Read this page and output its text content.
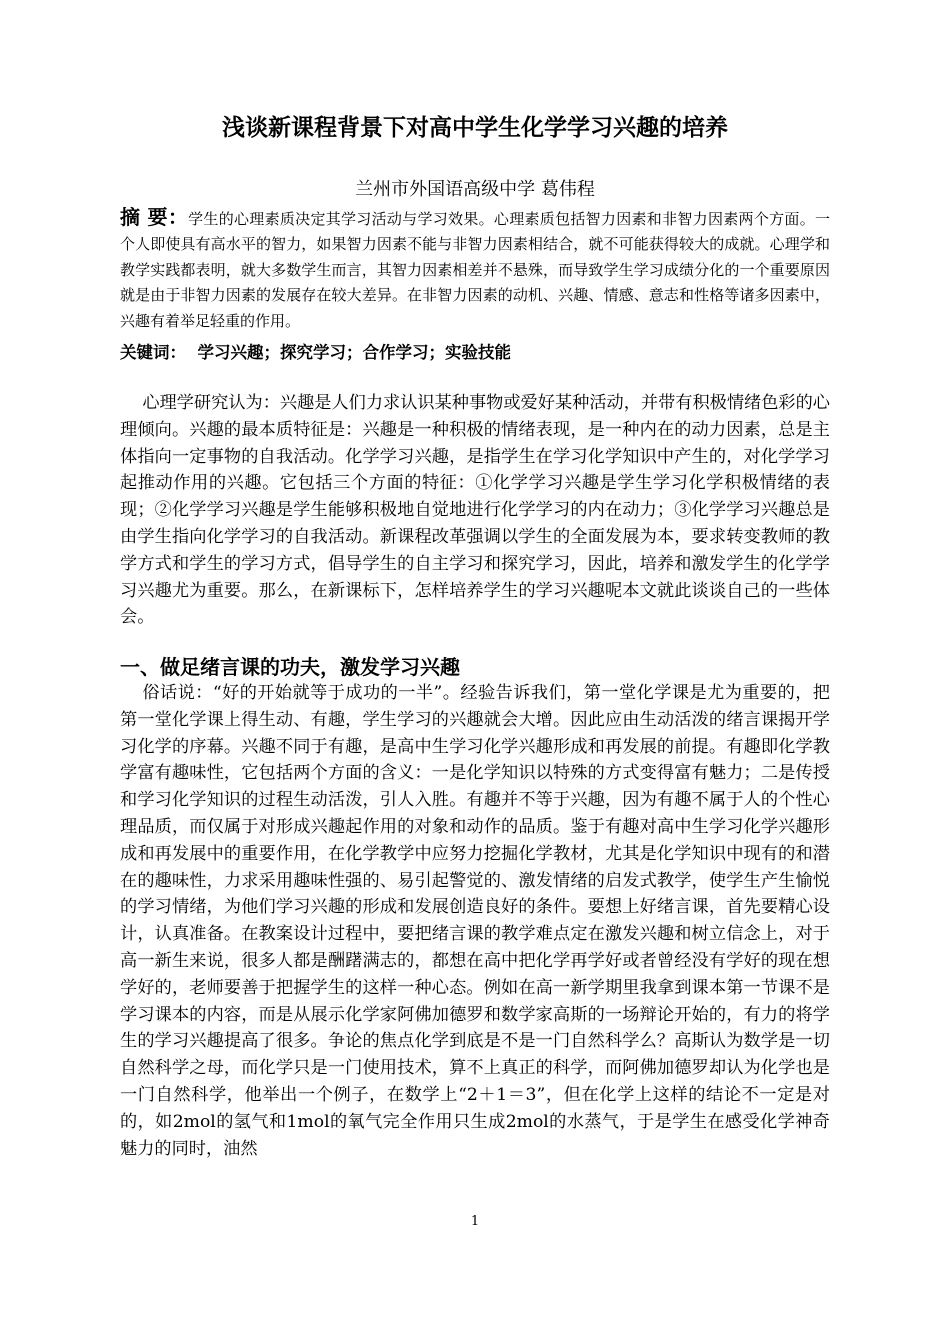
浅谈新课程背景下对高中学生化学学习兴趣的培养
兰州市外国语高级中学 葛伟程
摘 要：学生的心理素质决定其学习活动与学习效果。心理素质包括智力因素和非智力因素两个方面。一个人即使具有高水平的智力，如果智力因素不能与非智力因素相结合，就不可能获得较大的成就。心理学和教学实践都表明，就大多数学生而言，其智力因素相差并不悬殊，而导致学生学习成绩分化的一个重要原因就是由于非智力因素的发展存在较大差异。在非智力因素的动机、兴趣、情感、意志和性格等诸多因素中，兴趣有着举足轻重的作用。
关键词： 学习兴趣；探究学习；合作学习；实验技能
心理学研究认为：兴趣是人们力求认识某种事物或爱好某种活动，并带有积极情绪色彩的心理倾向。兴趣的最本质特征是：兴趣是一种积极的情绪表现，是一种内在的动力因素，总是主体指向一定事物的自我活动。化学学习兴趣，是指学生在学习化学知识中产生的，对化学学习起推动作用的兴趣。它包括三个方面的特征：①化学学习兴趣是学生学习化学积极情绪的表现；②化学学习兴趣是学生能够积极地自觉地进行化学学习的内在动力；③化学学习兴趣总是由学生指向化学学习的自我活动。新课程改革强调以学生的全面发展为本，要求转变教师的教学方式和学生的学习方式，倡导学生的自主学习和探究学习，因此，培养和激发学生的化学学习兴趣尤为重要。那么，在新课标下，怎样培养学生的学习兴趣呢本文就此谈谈自己的一些体会。
一、做足绪言课的功夫，激发学习兴趣
俗话说：“好的开始就等于成功的一半”。经验告诉我们，第一堂化学课是尤为重要的，把第一堂化学课上得生动、有趣，学生学习的兴趣就会大增。因此应由生动活泼的绪言课揭开学习化学的序幕。兴趣不同于有趣，是高中生学习化学兴趣形成和再发展的前提。有趣即化学教学富有趣味性，它包括两个方面的含义：一是化学知识以特殊的方式变得富有魅力；二是传授和学习化学知识的过程生动活泼，引人入胜。有趣并不等于兴趣，因为有趣不属于人的个性心理品质，而仅属于对形成兴趣起作用的对象和动作的品质。鉴于有趣对高中生学习化学兴趣形成和再发展中的重要作用，在化学教学中应努力挖掘化学教材，尤其是化学知识中现有的和潜在的趣味性，力求采用趣味性强的、易引起警觉的、激发情绪的启发式教学，使学生产生愉悦的学习情绪，为他们学习兴趣的形成和发展创造良好的条件。要想上好绪言课，首先要精心设计，认真准备。在教案设计过程中，要把绪言课的教学难点定在激发兴趣和树立信念上，对于高一新生来说，很多人都是酬躇满志的，都想在高中把化学再学好或者曾经没有学好的现在想学好的，老师要善于把握学生的这样一种心态。例如在高一新学期里我拿到课本第一节课不是学习课本的内容，而是从展示化学家阿佛加德罗和数学家高斯的一场辩论开始的，有力的将学生的学习兴趣提高了很多。争论的焦点化学到底是不是一门自然科学么？高斯认为数学是一切自然科学之母，而化学只是一门使用技术，算不上真正的科学，而阿佛加德罗却认为化学也是一门自然科学，他举出一个例子，在数学上“2＋1＝3”，但在化学上这样的结论不一定是对的，如2mol的氢气和1mol的氧气完全作用只生成2mol的水蒸气，于是学生在感受化学神奇魅力的同时，油然
1
